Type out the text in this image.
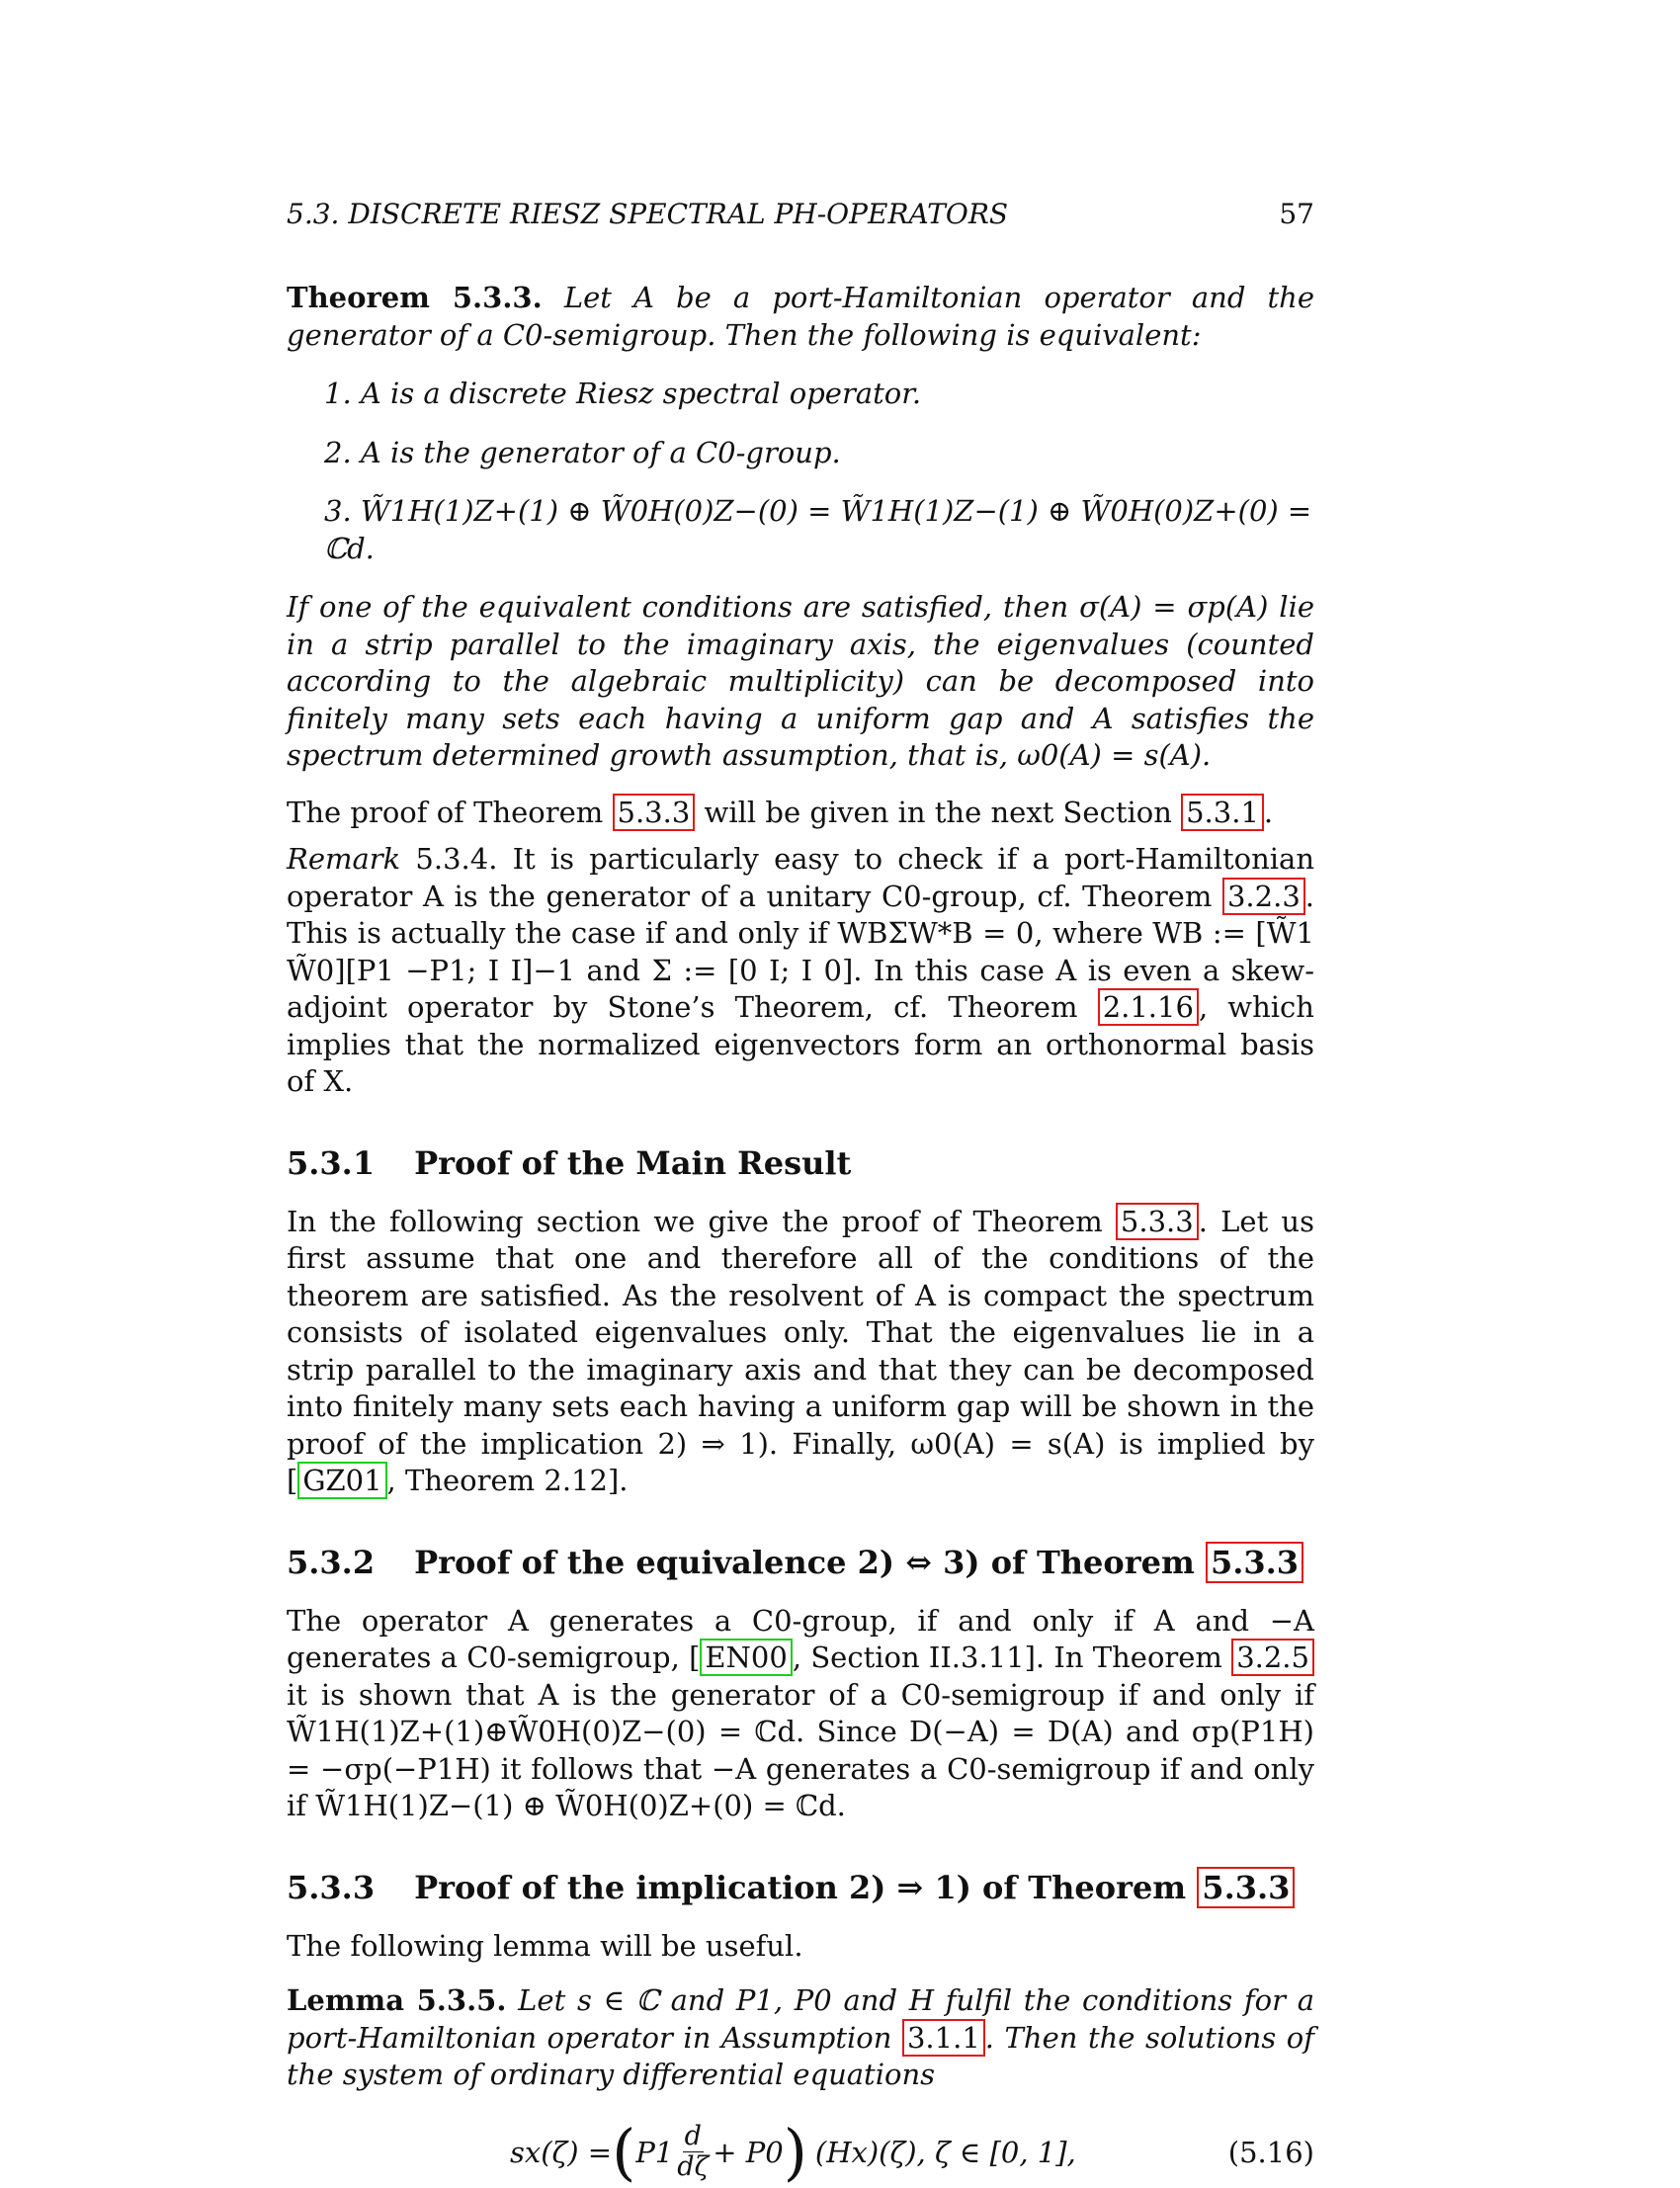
5.3. DISCRETE RIESZ SPECTRAL PH-OPERATORS	57

Theorem 5.3.3. Let A be a port-Hamiltonian operator and the generator of a C0-semigroup. Then the following is equivalent:

1. A is a discrete Riesz spectral operator.
2. A is the generator of a C0-group.
3. W̃1H(1)Z+(1) ⊕ W̃0H(0)Z−(0) = W̃1H(1)Z−(1) ⊕ W̃0H(0)Z+(0) = ℂd.

If one of the equivalent conditions are satisfied, then σ(A) = σp(A) lie in a strip parallel to the imaginary axis, the eigenvalues (counted according to the algebraic multiplicity) can be decomposed into finitely many sets each having a uniform gap and A satisfies the spectrum determined growth assumption, that is, ω0(A) = s(A).

The proof of Theorem 5.3.3 will be given in the next Section 5.3.1 .

Remark 5.3.4. It is particularly easy to check if a port-Hamiltonian operator A is the generator of a unitary C0-group, cf. Theorem 3.2.3 . This is actually the case if and only if WBΣW*B = 0, where WB := [W̃1 W̃0][P1 −P1; I I]−1 and Σ := [0 I; I 0]. In this case A is even a skew-adjoint operator by Stone’s Theorem, cf. Theorem 2.1.16 , which implies that the normalized eigenvectors form an orthonormal basis of X.

5.3.1 Proof of the Main Result

In the following section we give the proof of Theorem 5.3.3 . Let us first assume that one and therefore all of the conditions of the theorem are satisfied. As the resolvent of A is compact the spectrum consists of isolated eigenvalues only. That the eigenvalues lie in a strip parallel to the imaginary axis and that they can be decomposed into finitely many sets each having a uniform gap will be shown in the proof of the implication 2) ⇒ 1). Finally, ω0(A) = s(A) is implied by [ GZ01 , Theorem 2.12].

5.3.2 Proof of the equivalence 2) ⇔ 3) of Theorem 5.3.3

The operator A generates a C0-group, if and only if A and −A generates a C0-semigroup, [ EN00 , Section II.3.11]. In Theorem 3.2.5 it is shown that A is the generator of a C0-semigroup if and only if W̃1H(1)Z+(1)⊕W̃0H(0)Z−(0) = ℂd. Since D(−A) = D(A) and σp(P1H) = −σp(−P1H) it follows that −A generates a C0-semigroup if and only if W̃1H(1)Z−(1) ⊕ W̃0H(0)Z+(0) = ℂd.

5.3.3 Proof of the implication 2) ⇒ 1) of Theorem 5.3.3

The following lemma will be useful.

Lemma 5.3.5. Let s ∈ ℂ and P1, P0 and H fulfil the conditions for a port-Hamiltonian operator in Assumption 3.1.1 . Then the solutions of the system of ordinary differential equations

sx(ζ) = ( $P1 \frac{d}{d\zeta} + P0$ ) (Hx)(ζ), ζ ∈ [0, 1],	(5.16)
